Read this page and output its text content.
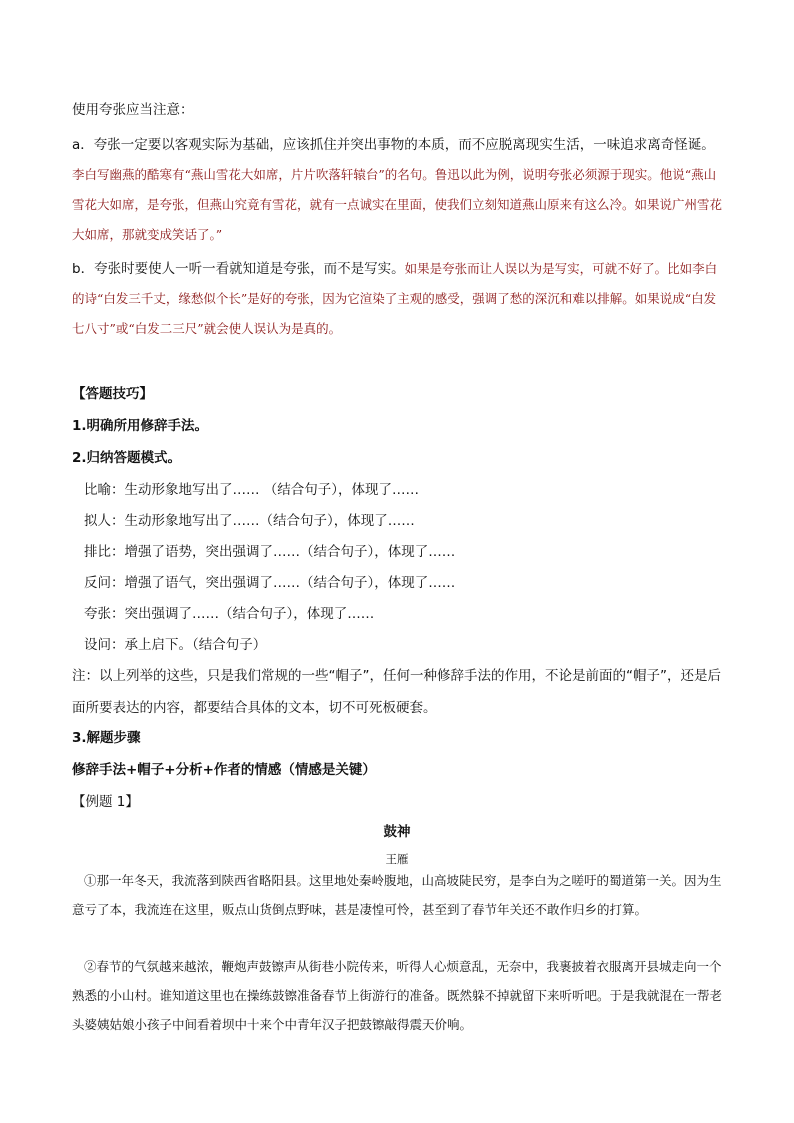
使用夸张应当注意：
a．夸张一定要以客观实际为基础，应该抓住并突出事物的本质，而不应脱离现实生活，一味追求离奇怪诞。李白写幽燕的酷寒有“燕山雪花大如席，片片吹落轩辕台”的名句。鲁迅以此为例，说明夸张必须源于现实。他说“燕山雪花大如席，是夸张，但燕山究竟有雪花，就有一点诚实在里面，使我们立刻知道燕山原来有这么冷。如果说广州雪花大如席，那就变成笑话了。”
b．夸张时要使人一听一看就知道是夸张，而不是写实。如果是夸张而让人误以为是写实，可就不好了。比如李白的诗“白发三千丈，缘愁似个长”是好的夸张，因为它渲染了主观的感受，强调了愁的深沉和难以排解。如果说成“白发七八寸”或“白发二三尺”就会使人误认为是真的。
【答题技巧】
1.明确所用修辞手法。
2.归纳答题模式。
比喻：生动形象地写出了…… （结合句子），体现了……
拟人：生动形象地写出了……（结合句子），体现了……
排比：增强了语势，突出强调了……（结合句子），体现了……
反问：增强了语气，突出强调了……（结合句子），体现了……
夸张：突出强调了……（结合句子），体现了……
设问：承上启下。（结合句子）
注：以上列举的这些，只是我们常规的一些“帽子”，任何一种修辞手法的作用，不论是前面的“帽子”，还是后面所要表达的内容，都要结合具体的文本，切不可死板硬套。
3.解题步骤
修辞手法+帽子+分析+作者的情感（情感是关键）
【例题 1】
鼓神
王雁
①那一年冬天，我流落到陕西省略阳县。这里地处秦岭腹地，山高坡陡民穷，是李白为之嗟吁的蜀道第一关。因为生意亏了本，我流连在这里，贩点山货倒点野味，甚是凄惶可怜，甚至到了春节年关还不敢作归乡的打算。
②春节的气氛越来越浓，鞭炮声鼓镲声从街巷小院传来，听得人心烦意乱，无奈中，我裹披着衣服离开县城走向一个熟悉的小山村。谁知道这里也在操练鼓镲准备春节上街游行的准备。既然躲不掉就留下来听听吧。于是我就混在一帮老头婆姨姑娘小孩子中间看着坝中十来个中青年汉子把鼓镲敲得震天价响。
